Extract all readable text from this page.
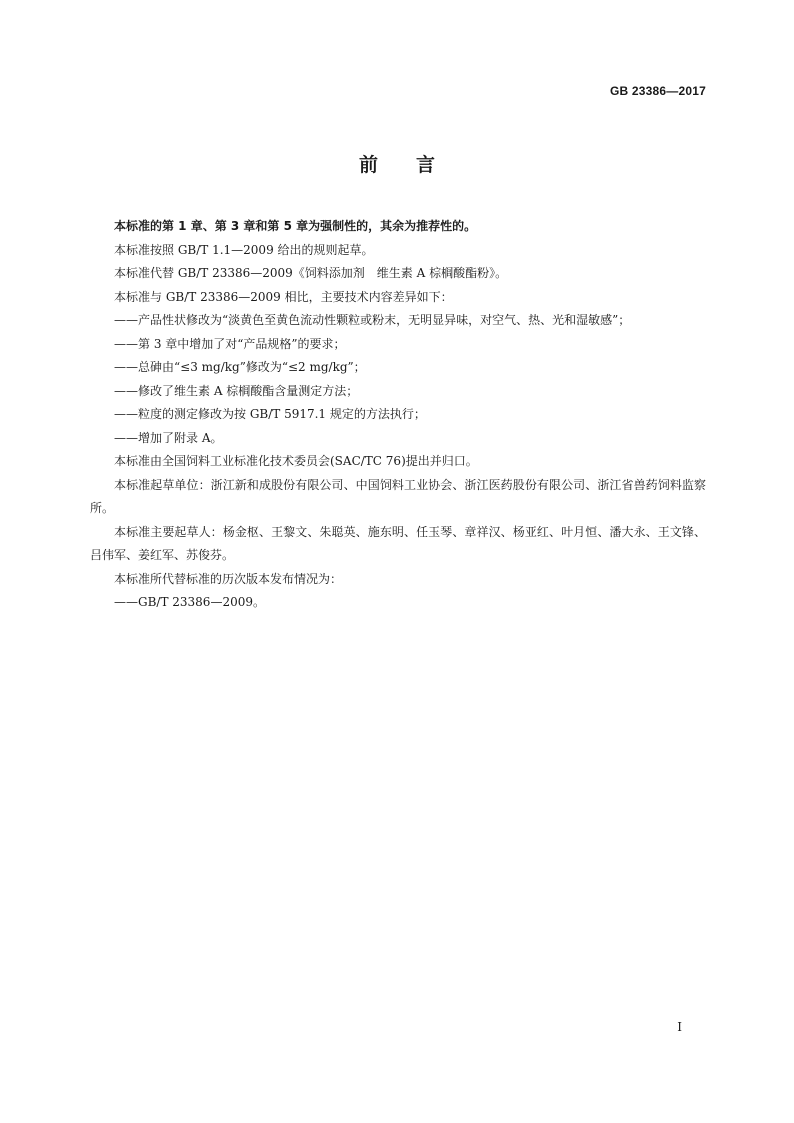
GB 23386—2017
前　　言

本标准的第 1 章、第 3 章和第 5 章为强制性的，其余为推荐性的。

本标准按照 GB/T 1.1—2009 给出的规则起草。

本标准代替 GB/T 23386—2009《饲料添加剂　维生素 A 棕榈酸酯粉》。

本标准与 GB/T 23386—2009 相比，主要技术内容差异如下：

——产品性状修改为“淡黄色至黄色流动性颗粒或粉末，无明显异味，对空气、热、光和湿敏感”；

——第 3 章中增加了对“产品规格”的要求；

——总砷由“≤3 mg/kg”修改为“≤2 mg/kg”；

——修改了维生素 A 棕榈酸酯含量测定方法；

——粒度的测定修改为按 GB/T 5917.1 规定的方法执行；

——增加了附录 A。

本标准由全国饲料工业标准化技术委员会(SAC/TC 76)提出并归口。

本标准起草单位：浙江新和成股份有限公司、中国饲料工业协会、浙江医药股份有限公司、浙江省兽药饲料监察所。

本标准主要起草人：杨金枢、王黎文、朱聪英、施东明、任玉琴、章祥汉、杨亚红、叶月恒、潘大永、王文锋、吕伟军、姜红军、苏俊芬。

本标准所代替标准的历次版本发布情况为：

——GB/T 23386—2009。

I
